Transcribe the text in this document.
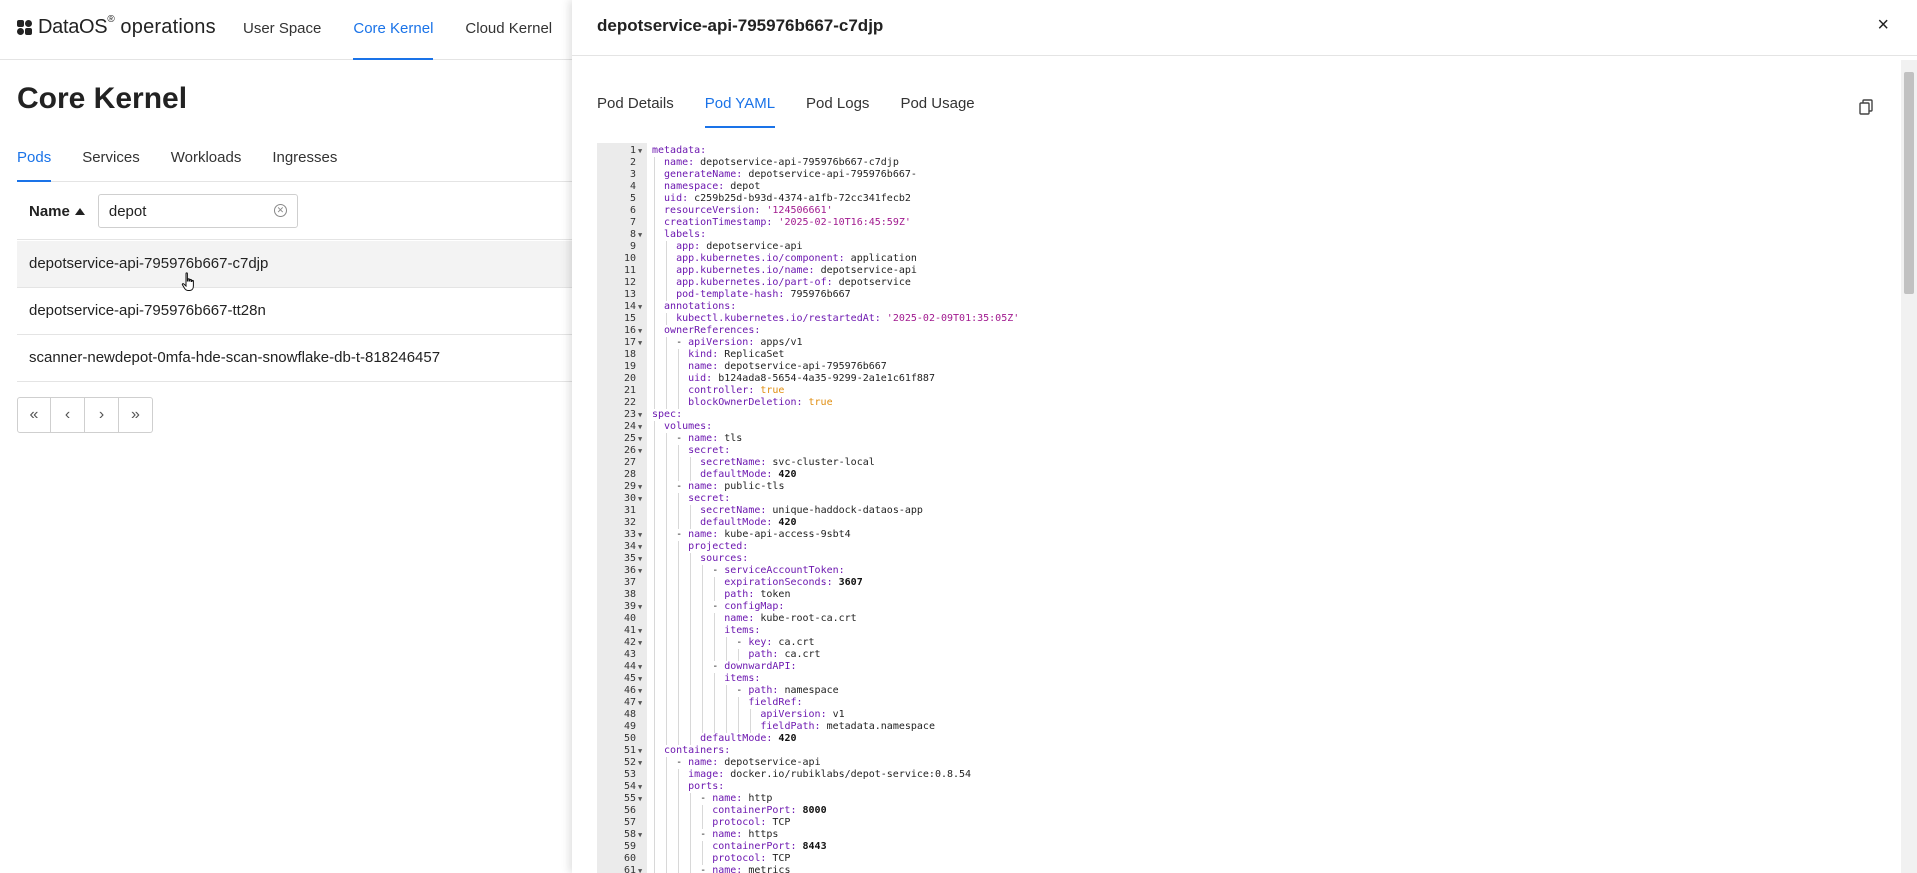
DataOS® operations User Space Core Kernel Cloud Kernel
Core Kernel
Pods Services Workloads Ingresses
Name
depot	✕
depotservice-api-795976b667-c7djp
depotservice-api-795976b667-tt28n
scanner-newdepot-0mfa-hde-scan-snowflake-db-t-818246457
« ‹ › »
depotservice-api-795976b667-c7djp	×
Pod Details Pod YAML Pod Logs Pod Usage
1 ▼ metadata:
2	name: depotservice-api-795976b667-c7djp
3	generateName: depotservice-api-795976b667-
4	namespace: depot
5	uid: c259b25d-b93d-4374-a1fb-72cc341fecb2
6	resourceVersion: '124506661'
7	creationTimestamp: '2025-02-10T16:45:59Z'
8 ▼ labels:
9	app: depotservice-api
10	app.kubernetes.io/component: application
11	app.kubernetes.io/name: depotservice-api
12	app.kubernetes.io/part-of: depotservice
13	pod-template-hash: 795976b667
14 ▼ annotations:
15	kubectl.kubernetes.io/restartedAt: '2025-02-09T01:35:05Z'
16 ▼ ownerReferences:
17 ▼	- apiVersion: apps/v1
18	kind: ReplicaSet
19	name: depotservice-api-795976b667
20	uid: b124ada8-5654-4a35-9299-2a1e1c61f887
21	controller: true
22	blockOwnerDeletion: true
23 ▼ spec:
24 ▼ volumes:
25 ▼	- name: tls
26 ▼	secret:
27	secretName: svc-cluster-local
28	defaultMode: 420
29 ▼	- name: public-tls
30 ▼	secret:
31	secretName: unique-haddock-dataos-app
32	defaultMode: 420
33 ▼	- name: kube-api-access-9sbt4
34 ▼	projected:
35 ▼	sources:
36 ▼	- serviceAccountToken:
37	expirationSeconds: 3607
38	path: token
39 ▼	- configMap:
40	name: kube-root-ca.crt
41 ▼	items:
42 ▼	- key: ca.crt
43	path: ca.crt
44 ▼	- downwardAPI:
45 ▼	items:
46 ▼	- path: namespace
47 ▼	fieldRef:
48	apiVersion: v1
49	fieldPath: metadata.namespace
50	defaultMode: 420
51 ▼ containers:
52 ▼	- name: depotservice-api
53	image: docker.io/rubiklabs/depot-service:0.8.54
54 ▼	ports:
55 ▼	- name: http
56	containerPort: 8000
57	protocol: TCP
58 ▼	- name: https
59	containerPort: 8443
60	protocol: TCP
61 ▼	- name: metrics
